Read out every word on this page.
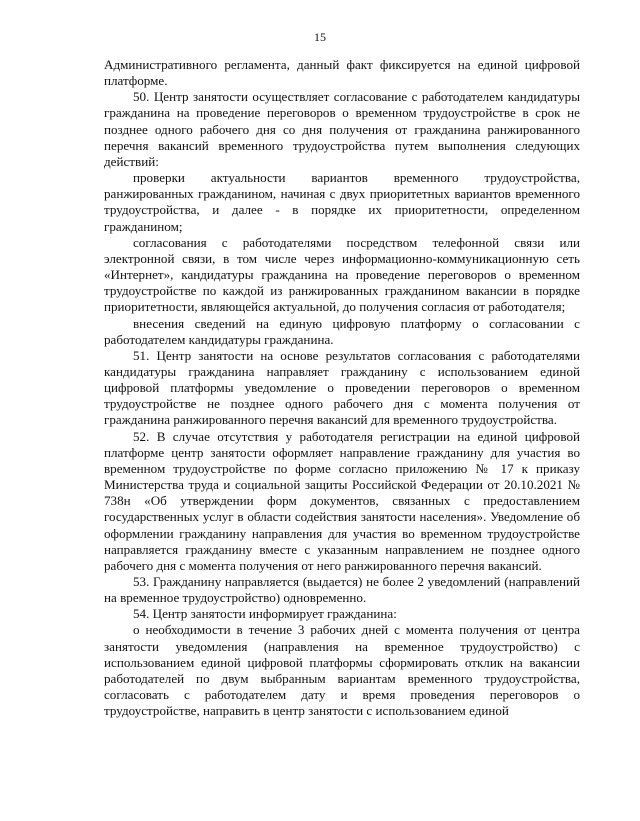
15

Административного регламента, данный факт фиксируется на единой цифровой платформе.

50. Центр занятости осуществляет согласование с работодателем кандидатуры гражданина на проведение переговоров о временном трудоустройстве в срок не позднее одного рабочего дня со дня получения от гражданина ранжированного перечня вакансий временного трудоустройства путем выполнения следующих действий:

проверки актуальности вариантов временного трудоустройства, ранжированных гражданином, начиная с двух приоритетных вариантов временного трудоустройства, и далее - в порядке их приоритетности, определенном гражданином;

согласования с работодателями посредством телефонной связи или электронной связи, в том числе через информационно-коммуникационную сеть «Интернет», кандидатуры гражданина на проведение переговоров о временном трудоустройстве по каждой из ранжированных гражданином вакансии в порядке приоритетности, являющейся актуальной, до получения согласия от работодателя;

внесения сведений на единую цифровую платформу о согласовании с работодателем кандидатуры гражданина.

51. Центр занятости на основе результатов согласования с работодателями кандидатуры гражданина направляет гражданину с использованием единой цифровой платформы уведомление о проведении переговоров о временном трудоустройстве не позднее одного рабочего дня с момента получения от гражданина ранжированного перечня вакансий для временного трудоустройства.

52. В случае отсутствия у работодателя регистрации на единой цифровой платформе центр занятости оформляет направление гражданину для участия во временном трудоустройстве по форме согласно приложению № 17 к приказу Министерства труда и социальной защиты Российской Федерации от 20.10.2021 № 738н «Об утверждении форм документов, связанных с предоставлением государственных услуг в области содействия занятости населения». Уведомление об оформлении гражданину направления для участия во временном трудоустройстве направляется гражданину вместе с указанным направлением не позднее одного рабочего дня с момента получения от него ранжированного перечня вакансий.

53. Гражданину направляется (выдается) не более 2 уведомлений (направлений на временное трудоустройство) одновременно.

54. Центр занятости информирует гражданина:

о необходимости в течение 3 рабочих дней с момента получения от центра занятости уведомления (направления на временное трудоустройство) с использованием единой цифровой платформы сформировать отклик на вакансии работодателей по двум выбранным вариантам временного трудоустройства, согласовать с работодателем дату и время проведения переговоров о трудоустройстве, направить в центр занятости с использованием единой
